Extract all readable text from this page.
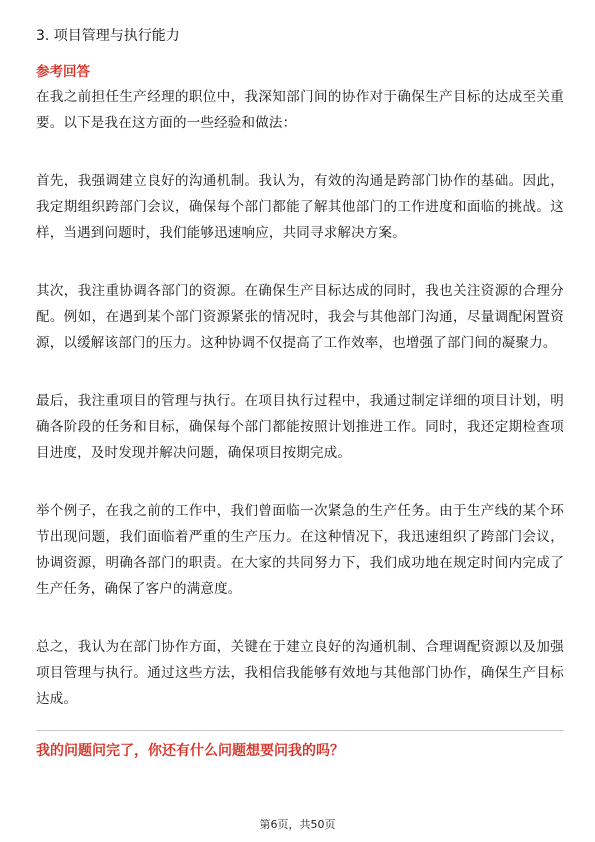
3. 项目管理与执行能力
参考回答

在我之前担任生产经理的职位中，我深知部门间的协作对于确保生产目标的达成至关重要。以下是我在这方面的一些经验和做法：

首先，我强调建立良好的沟通机制。我认为，有效的沟通是跨部门协作的基础。因此，我定期组织跨部门会议，确保每个部门都能了解其他部门的工作进度和面临的挑战。这样，当遇到问题时，我们能够迅速响应，共同寻求解决方案。

其次，我注重协调各部门的资源。在确保生产目标达成的同时，我也关注资源的合理分配。例如，在遇到某个部门资源紧张的情况时，我会与其他部门沟通，尽量调配闲置资源，以缓解该部门的压力。这种协调不仅提高了工作效率，也增强了部门间的凝聚力。

最后，我注重项目的管理与执行。在项目执行过程中，我通过制定详细的项目计划，明确各阶段的任务和目标，确保每个部门都能按照计划推进工作。同时，我还定期检查项目进度，及时发现并解决问题，确保项目按期完成。

举个例子，在我之前的工作中，我们曾面临一次紧急的生产任务。由于生产线的某个环节出现问题，我们面临着严重的生产压力。在这种情况下，我迅速组织了跨部门会议，协调资源，明确各部门的职责。在大家的共同努力下，我们成功地在规定时间内完成了生产任务，确保了客户的满意度。

总之，我认为在部门协作方面，关键在于建立良好的沟通机制、合理调配资源以及加强项目管理与执行。通过这些方法，我相信我能够有效地与其他部门协作，确保生产目标达成。

我的问题问完了，你还有什么问题想要问我的吗？
第6页，共50页
